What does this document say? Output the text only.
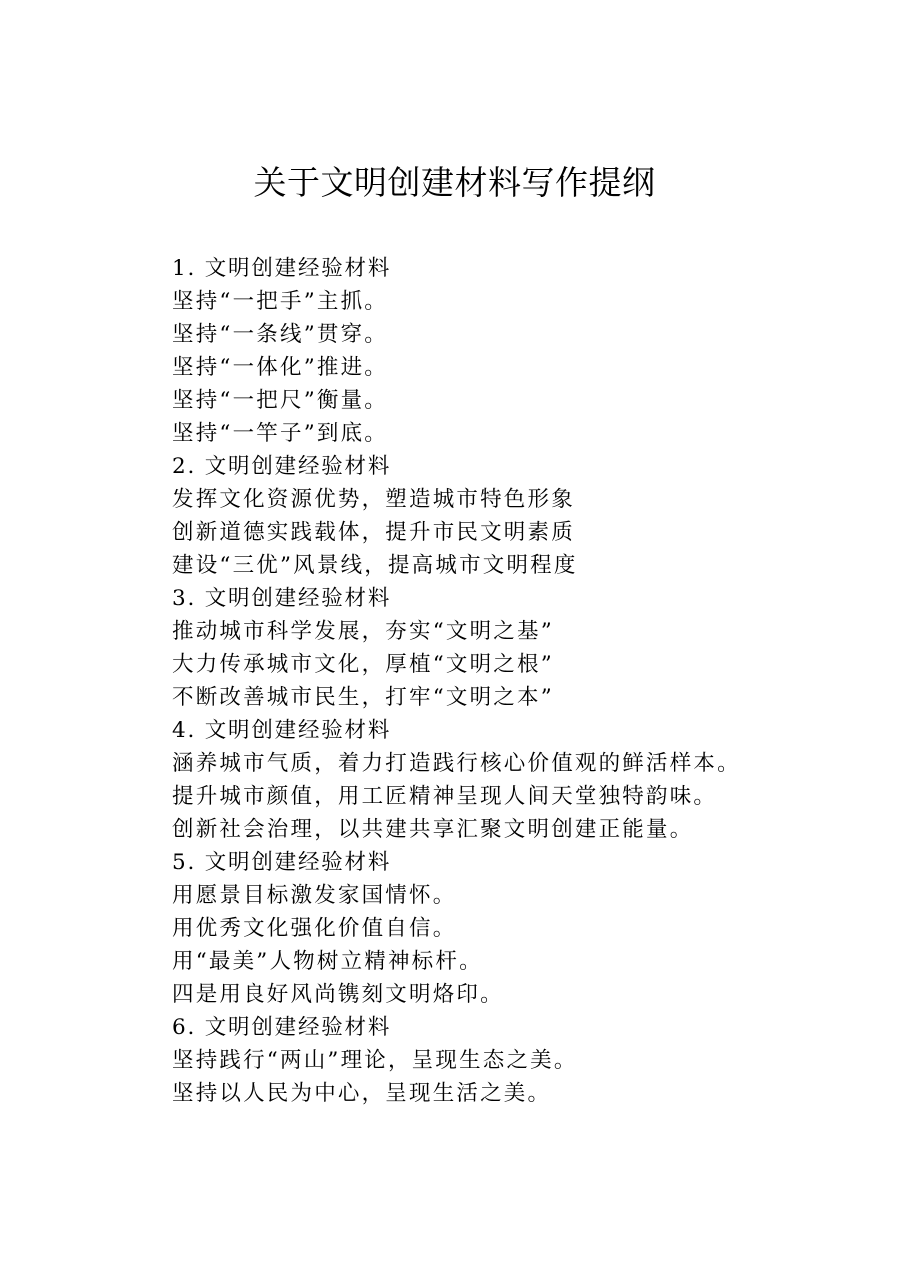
关于文明创建材料写作提纲
1. 文明创建经验材料
坚持“一把手”主抓。
坚持“一条线”贯穿。
坚持“一体化”推进。
坚持“一把尺”衡量。
坚持“一竿子”到底。
2. 文明创建经验材料
发挥文化资源优势，塑造城市特色形象
创新道德实践载体，提升市民文明素质
建设“三优”风景线，提高城市文明程度
3. 文明创建经验材料
推动城市科学发展，夯实“文明之基”
大力传承城市文化，厚植“文明之根”
不断改善城市民生，打牢“文明之本”
4. 文明创建经验材料
涵养城市气质，着力打造践行核心价值观的鲜活样本。
提升城市颜值，用工匠精神呈现人间天堂独特韵味。
创新社会治理，以共建共享汇聚文明创建正能量。
5. 文明创建经验材料
用愿景目标激发家国情怀。
用优秀文化强化价值自信。
用“最美”人物树立精神标杆。
四是用良好风尚镌刻文明烙印。
6. 文明创建经验材料
坚持践行“两山”理论，呈现生态之美。
坚持以人民为中心，呈现生活之美。
